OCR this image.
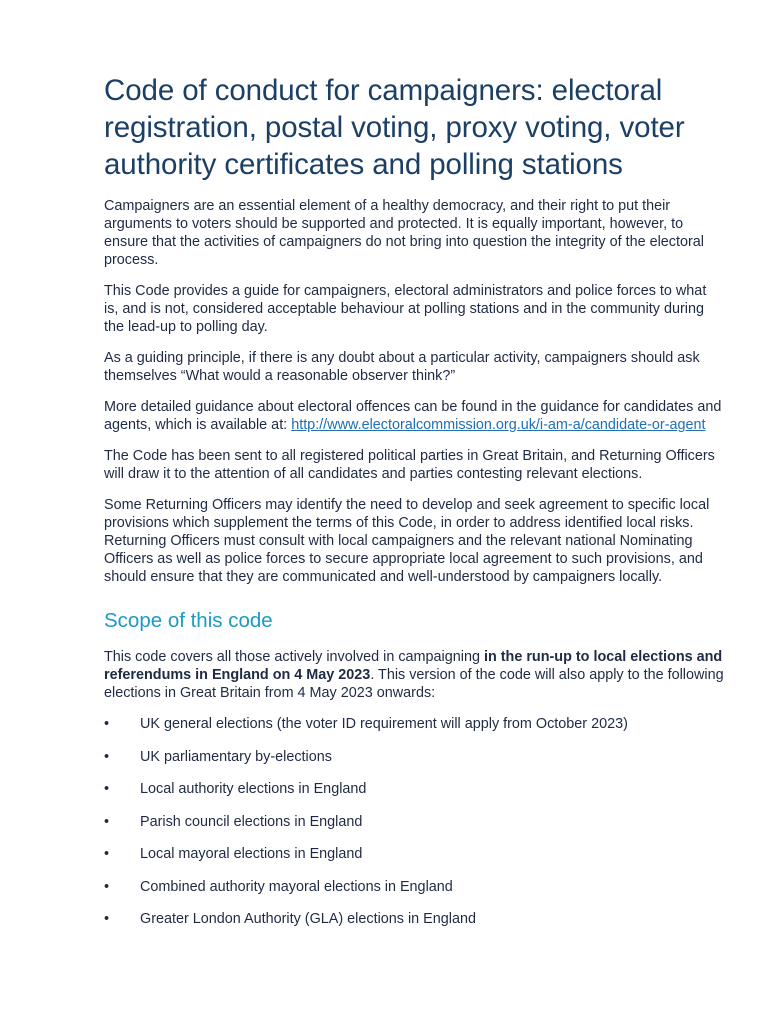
Code of conduct for campaigners: electoral registration, postal voting, proxy voting, voter authority certificates and polling stations

Campaigners are an essential element of a healthy democracy, and their right to put their arguments to voters should be supported and protected. It is equally important, however, to ensure that the activities of campaigners do not bring into question the integrity of the electoral process.

This Code provides a guide for campaigners, electoral administrators and police forces to what is, and is not, considered acceptable behaviour at polling stations and in the community during the lead-up to polling day.

As a guiding principle, if there is any doubt about a particular activity, campaigners should ask themselves “What would a reasonable observer think?”

More detailed guidance about electoral offences can be found in the guidance for candidates and agents, which is available at: http://www.electoralcommission.org.uk/i-am-a/candidate-or-agent

The Code has been sent to all registered political parties in Great Britain, and Returning Officers will draw it to the attention of all candidates and parties contesting relevant elections.

Some Returning Officers may identify the need to develop and seek agreement to specific local provisions which supplement the terms of this Code, in order to address identified local risks. Returning Officers must consult with local campaigners and the relevant national Nominating Officers as well as police forces to secure appropriate local agreement to such provisions, and should ensure that they are communicated and well-understood by campaigners locally.

Scope of this code

This code covers all those actively involved in campaigning in the run-up to local elections and referendums in England on 4 May 2023. This version of the code will also apply to the following elections in Great Britain from 4 May 2023 onwards:

•	UK general elections (the voter ID requirement will apply from October 2023)
•	UK parliamentary by-elections
•	Local authority elections in England
•	Parish council elections in England
•	Local mayoral elections in England
•	Combined authority mayoral elections in England
•	Greater London Authority (GLA) elections in England
